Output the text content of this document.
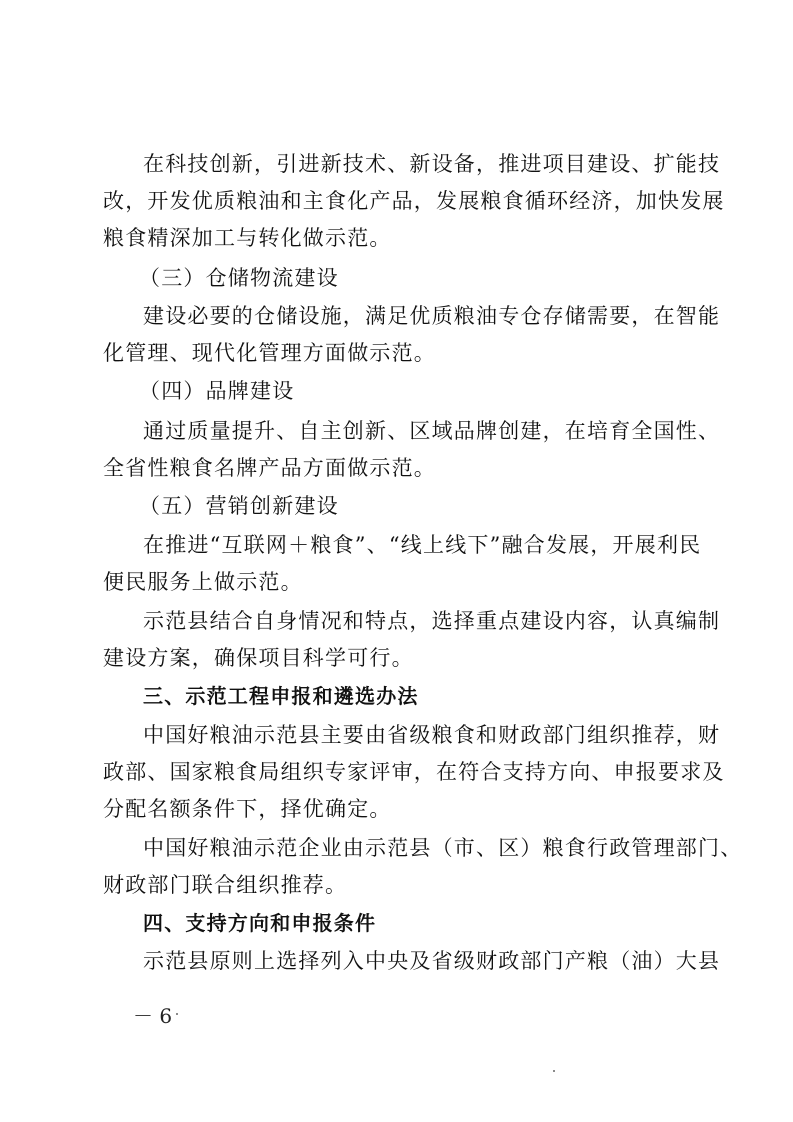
在科技创新，引进新技术、新设备，推进项目建设、扩能技
改，开发优质粮油和主食化产品，发展粮食循环经济，加快发展
粮食精深加工与转化做示范。
（三）仓储物流建设
建设必要的仓储设施，满足优质粮油专仓存储需要，在智能
化管理、现代化管理方面做示范。
（四）品牌建设
通过质量提升、自主创新、区域品牌创建，在培育全国性、
全省性粮食名牌产品方面做示范。
（五）营销创新建设
在推进“互联网＋粮食”、“线上线下”融合发展，开展利民
便民服务上做示范。
示范县结合自身情况和特点，选择重点建设内容，认真编制
建设方案，确保项目科学可行。
三、示范工程申报和遴选办法
中国好粮油示范县主要由省级粮食和财政部门组织推荐，财
政部、国家粮食局组织专家评审，在符合支持方向、申报要求及
分配名额条件下，择优确定。
中国好粮油示范企业由示范县（市、区）粮食行政管理部门、
财政部门联合组织推荐。
四、支持方向和申报条件
示范县原则上选择列入中央及省级财政部门产粮（油）大县
－ 6
